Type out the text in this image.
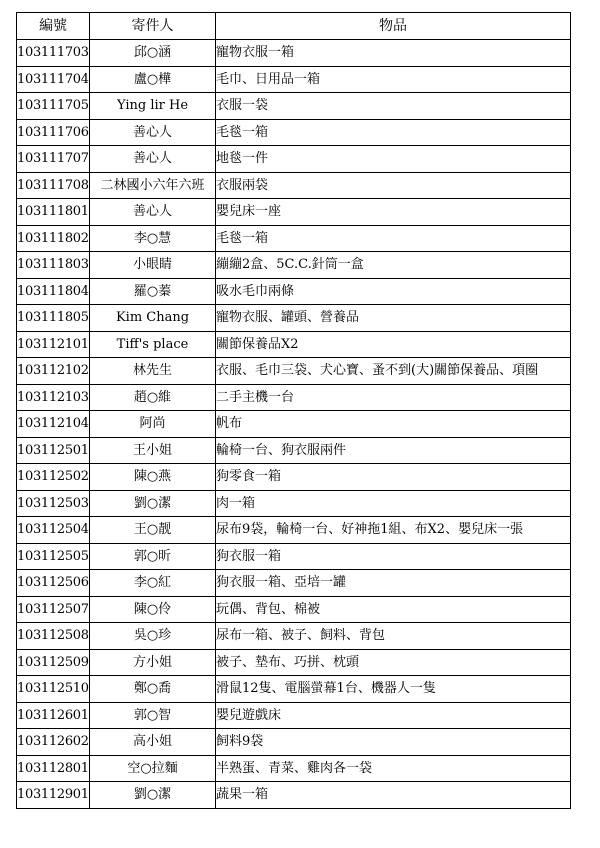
編號	寄件人	物品
103111703	邱○涵	寵物衣服一箱
103111704	盧○樺	毛巾、日用品一箱
103111705	Ying lir He	衣服一袋
103111706	善心人	毛毯一箱
103111707	善心人	地毯一件
103111708	二林國小六年六班	衣服兩袋
103111801	善心人	嬰兒床一座
103111802	李○慧	毛毯一箱
103111803	小眼睛	繃繃2盒、5C.C.針筒一盒
103111804	羅○蓁	吸水毛巾兩條
103111805	Kim Chang	寵物衣服、罐頭、營養品
103112101	Tiff's place	關節保養品X2
103112102	林先生	衣服、毛巾三袋、犬心寶、蚤不到(大)關節保養品、項圈
103112103	趙○維	二手主機一台
103112104	阿尚	帆布
103112501	王小姐	輪椅一台、狗衣服兩件
103112502	陳○燕	狗零食一箱
103112503	劉○潔	肉一箱
103112504	王○靓	尿布9袋，輪椅一台、好神拖1組、布X2、嬰兒床一張
103112505	郭○昕	狗衣服一箱
103112506	李○紅	狗衣服一箱、亞培一罐
103112507	陳○伶	玩偶、背包、棉被
103112508	吳○珍	尿布一箱、被子、飼料、背包
103112509	方小姐	被子、墊布、巧拼、枕頭
103112510	鄭○喬	滑鼠12隻、電腦螢幕1台、機器人一隻
103112601	郭○智	嬰兒遊戲床
103112602	高小姐	飼料9袋
103112801	空○拉麵	半熟蛋、青菜、雞肉各一袋
103112901	劉○潔	蔬果一箱
